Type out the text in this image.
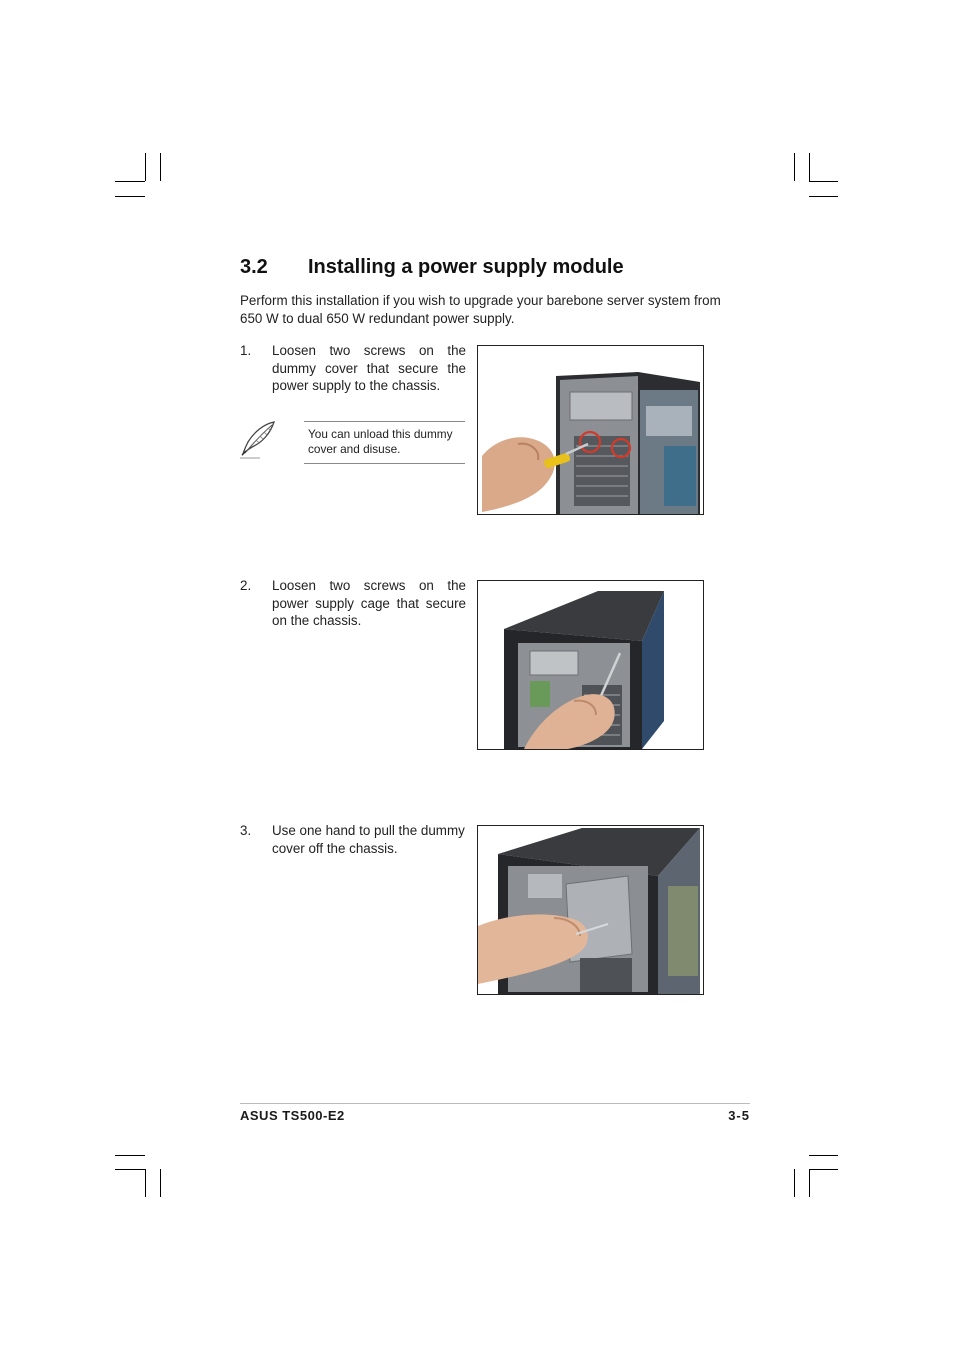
3.2 Installing a power supply module
Perform this installation if you wish to upgrade your barebone server system from 650 W to dual 650 W redundant power supply.
1. Loosen two screws on the dummy cover that secure the power supply to the chassis.
You can unload this dummy cover and disuse.
2. Loosen two screws on the power supply cage that secure on the chassis.
3. Use one hand to pull the dummy cover off the chassis.
ASUS TS500-E2	3-5
